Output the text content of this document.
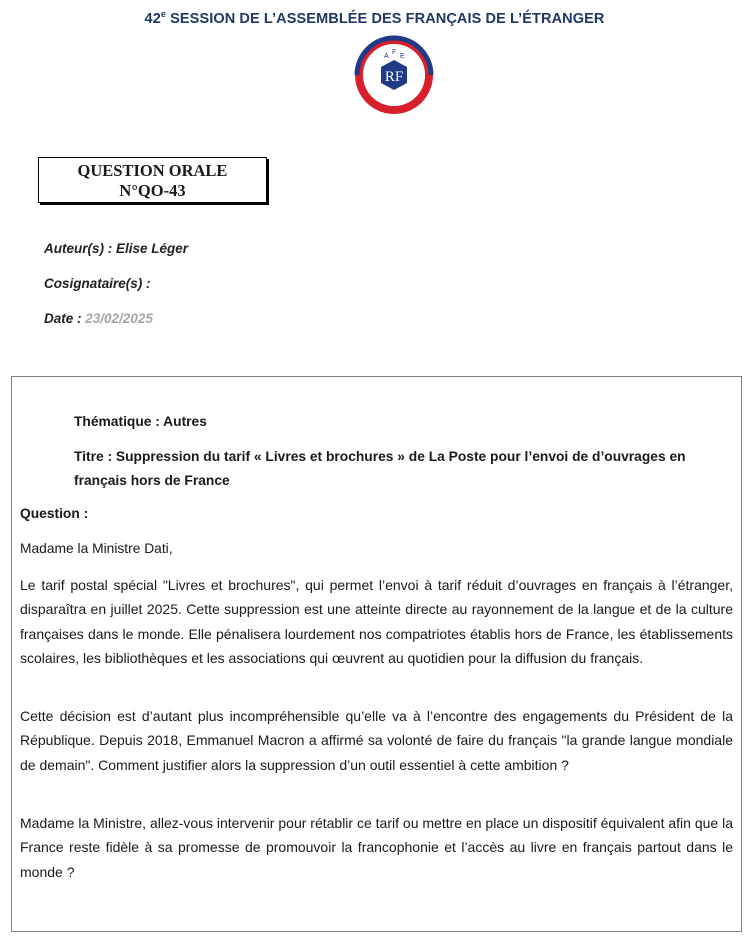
42e SESSION DE L’ASSEMBLÉE DES FRANÇAIS DE L’ÉTRANGER
A
F
E
RF
QUESTION ORALE
N°QO-43
Auteur(s) : Elise Léger
Cosignataire(s) :
Date : 23/02/2025
Thématique : Autres
Titre : Suppression du tarif « Livres et brochures » de La Poste pour l’envoi de d’ouvrages en
français hors de France
Question :
Madame la Ministre Dati,
Le tarif postal spécial "Livres et brochures", qui permet l’envoi à tarif réduit d’ouvrages en français à l’étranger, disparaîtra en juillet 2025. Cette suppression est une atteinte directe au rayonnement de la langue et de la culture françaises dans le monde. Elle pénalisera lourdement nos compatriotes établis hors de France, les établissements scolaires, les bibliothèques et les associations qui œuvrent au quotidien pour la diffusion du français.
Cette décision est d’autant plus incompréhensible qu’elle va à l’encontre des engagements du Président de la République. Depuis 2018, Emmanuel Macron a affirmé sa volonté de faire du français "la grande langue mondiale de demain". Comment justifier alors la suppression d’un outil essentiel à cette ambition ?
Madame la Ministre, allez-vous intervenir pour rétablir ce tarif ou mettre en place un dispositif équivalent afin que la France reste fidèle à sa promesse de promouvoir la francophonie et l’accès au livre en français partout dans le monde ?
